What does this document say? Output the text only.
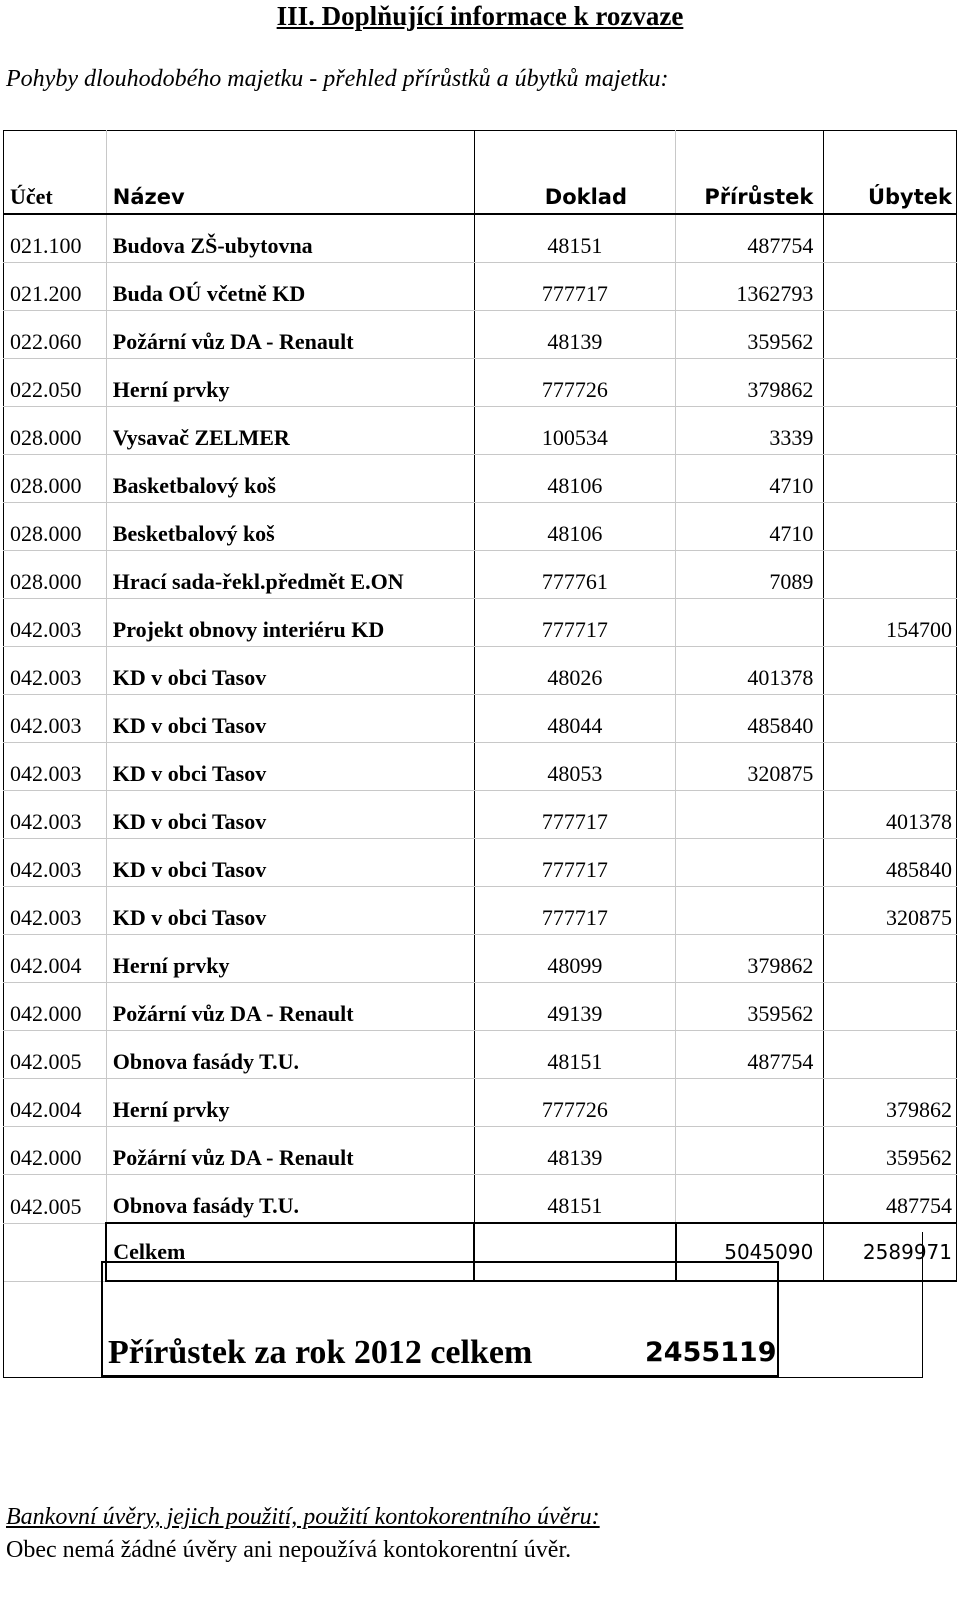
III. Doplňující informace k rozvaze
Pohyby dlouhodobého majetku - přehled přírůstků a úbytků majetku:
Účet	Název	Doklad	Přírůstek	Úbytek
021.100	Budova ZŠ-ubytovna	48151	487754	
021.200	Buda OÚ včetně KD	777717	1362793	
022.060	Požární vůz DA - Renault	48139	359562	
022.050	Herní prvky	777726	379862	
028.000	Vysavač ZELMER	100534	3339	
028.000	Basketbalový koš	48106	4710	
028.000	Besketbalový koš	48106	4710	
028.000	Hrací sada-řekl.předmět E.ON	777761	7089	
042.003	Projekt obnovy interiéru KD	777717		154700
042.003	KD v obci Tasov	48026	401378	
042.003	KD v obci Tasov	48044	485840	
042.003	KD v obci Tasov	48053	320875	
042.003	KD v obci Tasov	777717		401378
042.003	KD v obci Tasov	777717		485840
042.003	KD v obci Tasov	777717		320875
042.004	Herní prvky	48099	379862	
042.000	Požární vůz DA - Renault	49139	359562	
042.005	Obnova fasády T.U.	48151	487754	
042.004	Herní prvky	777726		379862
042.000	Požární vůz DA - Renault	48139		359562
042.005	Obnova fasády T.U.	48151		487754
	Celkem		5045090	2589971
Přírůstek za rok 2012 celkem	2455119
Bankovní úvěry, jejich použití, použití kontokorentního úvěru:
Obec nemá žádné úvěry ani nepoužívá kontokorentní úvěr.
